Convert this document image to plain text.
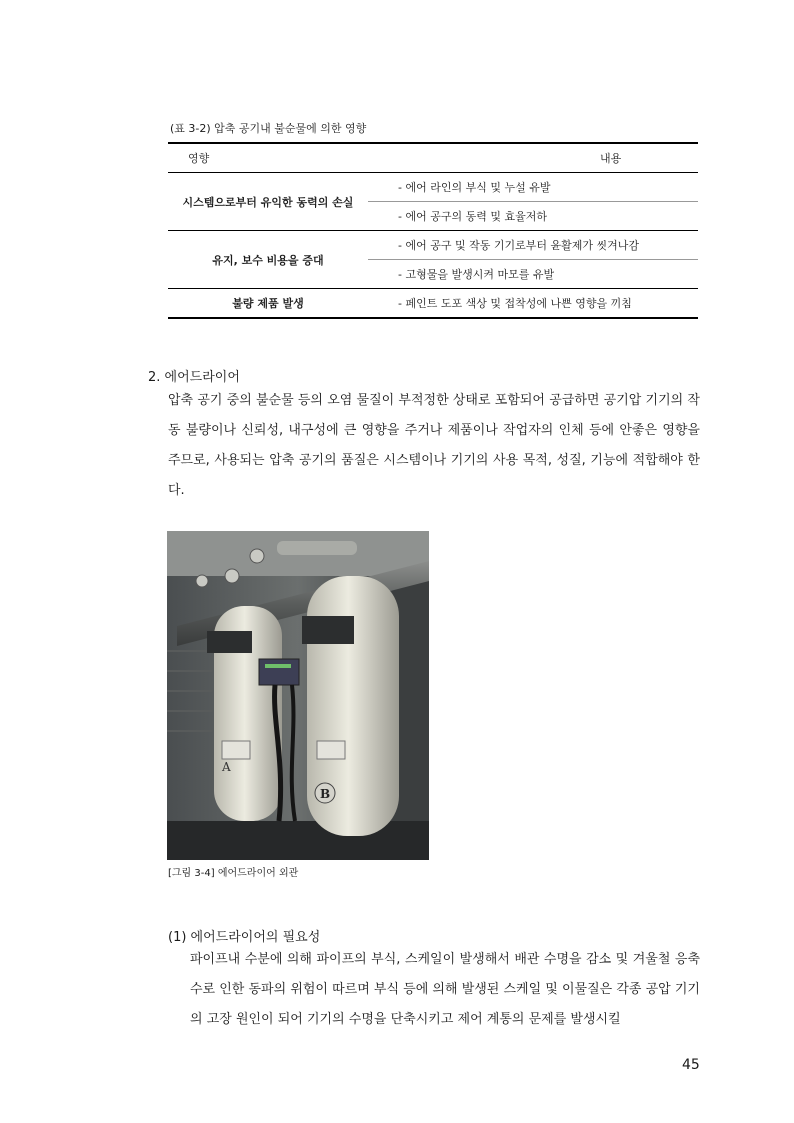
(표 3-2) 압축 공기내 불순물에 의한 영향
영향	내용
시스템으로부터 유익한 동력의 손실	- 에어 라인의 부식 및 누설 유발
	- 에어 공구의 동력 및 효율저하
유지, 보수 비용을 증대	- 에어 공구 및 작동 기기로부터 윤활제가 씻겨나감
	- 고형물을 발생시켜 마모를 유발
불량 제품 발생	- 페인트 도포 색상 및 접착성에 나쁜 영향을 끼침
2. 에어드라이어
압축 공기 중의 불순물 등의 오염 물질이 부적정한 상태로 포함되어 공급하면 공기압 기기의 작동 불량이나 신뢰성, 내구성에 큰 영향을 주거나 제품이나 작업자의 인체 등에 안좋은 영향을 주므로, 사용되는 압축 공기의 품질은 시스템이나 기기의 사용 목적, 성질, 기능에 적합해야 한다.
A
B
[그림 3-4] 에어드라이어 외관
(1) 에어드라이어의 필요성
파이프내 수분에 의해 파이프의 부식, 스케일이 발생해서 배관 수명을 감소 및 겨울철 응축수로 인한 동파의 위험이 따르며 부식 등에 의해 발생된 스케일 및 이물질은 각종 공압 기기의 고장 원인이 되어 기기의 수명을 단축시키고 제어 계통의 문제를 발생시킬
45
